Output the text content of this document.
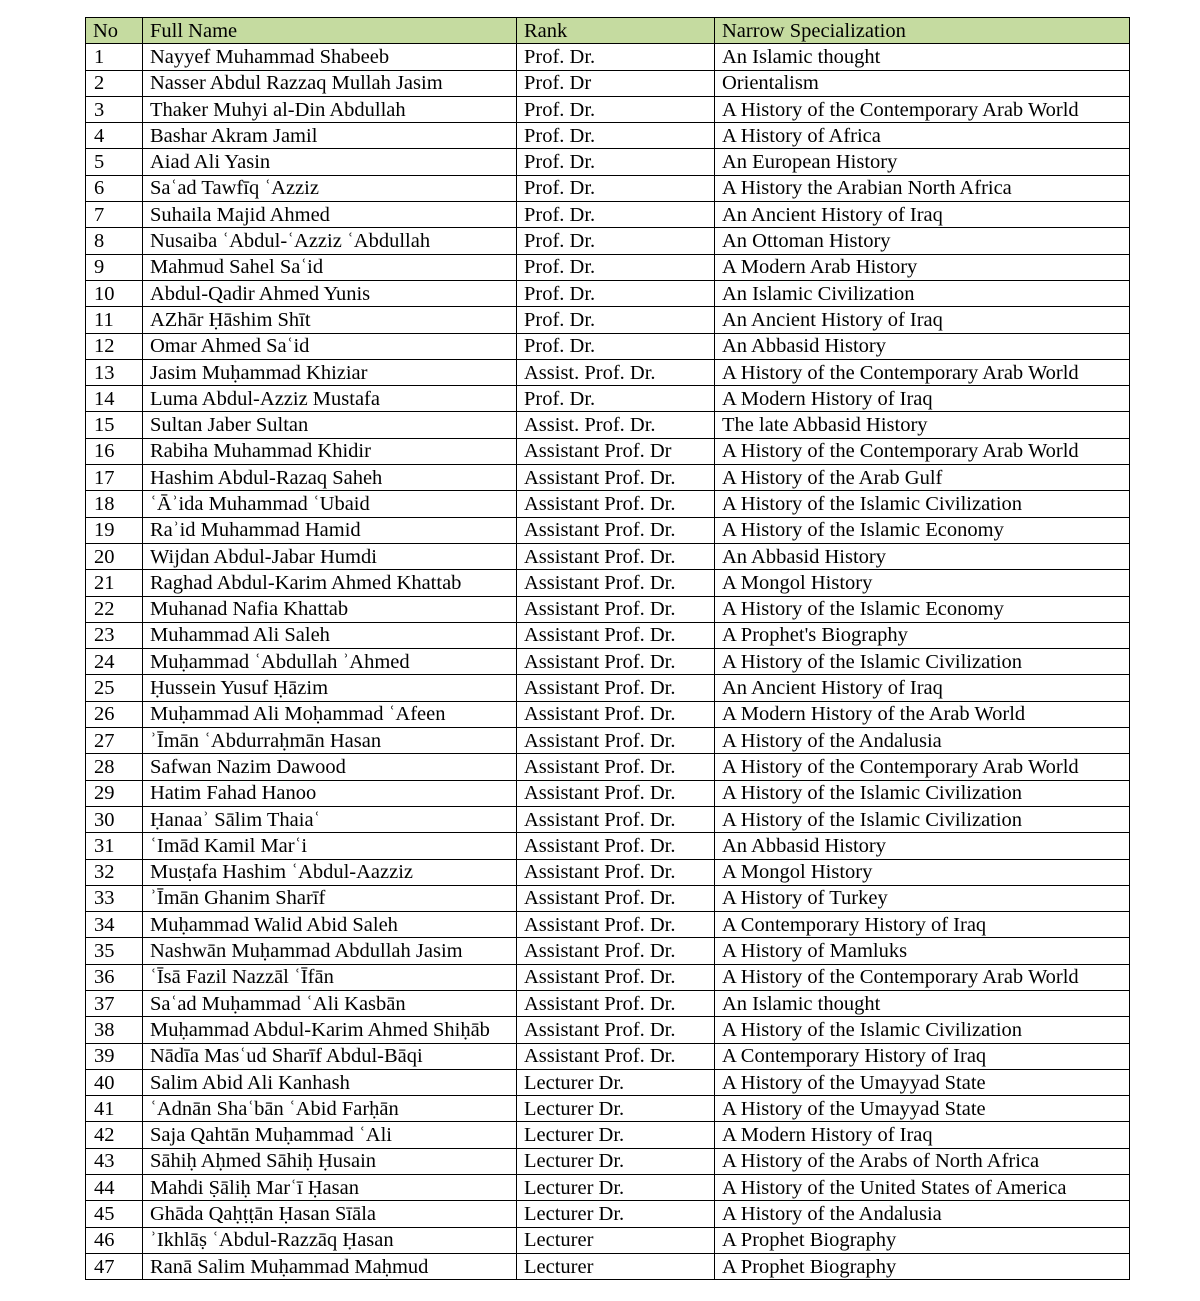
No	Full Name	Rank	Narrow Specialization
1	Nayyef Muhammad Shabeeb	Prof. Dr.	An Islamic thought
2	Nasser Abdul Razzaq Mullah Jasim	Prof. Dr	Orientalism
3	Thaker Muhyi al-Din Abdullah	Prof. Dr.	A History of the Contemporary Arab World
4	Bashar Akram Jamil	Prof. Dr.	A History of Africa
5	Aiad Ali Yasin	Prof. Dr.	An European History
6	Saʿad Tawfīq ʿAzziz	Prof. Dr.	A History the Arabian North Africa
7	Suhaila Majid Ahmed	Prof. Dr.	An Ancient History of Iraq
8	Nusaiba ʿAbdul-ʿAzziz ʿAbdullah	Prof. Dr.	An Ottoman History
9	Mahmud Sahel Saʿid	Prof. Dr.	A Modern Arab History
10	Abdul-Qadir Ahmed Yunis	Prof. Dr.	An Islamic Civilization
11	AZhār Ḥāshim Shīt	Prof. Dr.	An Ancient History of Iraq
12	Omar Ahmed Saʿid	Prof. Dr.	An Abbasid History
13	Jasim Muḥammad Khiziar	Assist. Prof. Dr.	A History of the Contemporary Arab World
14	Luma Abdul-Azziz Mustafa	Prof. Dr.	A Modern History of Iraq
15	Sultan Jaber Sultan	Assist. Prof. Dr.	The late Abbasid History
16	Rabiha Muhammad Khidir	Assistant Prof. Dr	A History of the Contemporary Arab World
17	Hashim Abdul-Razaq Saheh	Assistant Prof. Dr.	A History of the Arab Gulf
18	ʿĀʾida Muhammad ʿUbaid	Assistant Prof. Dr.	A History of the Islamic Civilization
19	Raʾid Muhammad Hamid	Assistant Prof. Dr.	A History of the Islamic Economy
20	Wijdan Abdul-Jabar Humdi	Assistant Prof. Dr.	An Abbasid History
21	Raghad Abdul-Karim Ahmed Khattab	Assistant Prof. Dr.	A Mongol History
22	Muhanad Nafia Khattab	Assistant Prof. Dr.	A History of the Islamic Economy
23	Muhammad Ali Saleh	Assistant Prof. Dr.	A Prophet's Biography
24	Muḥammad ʿAbdullah ʾAhmed	Assistant Prof. Dr.	A History of the Islamic Civilization
25	Ḥussein Yusuf Ḥāzim	Assistant Prof. Dr.	An Ancient History of Iraq
26	Muḥammad Ali Moḥammad ʿAfeen	Assistant Prof. Dr.	A Modern History of the Arab World
27	ʾĪmān ʿAbdurraḥmān Hasan	Assistant Prof. Dr.	A History of the Andalusia
28	Safwan Nazim Dawood	Assistant Prof. Dr.	A History of the Contemporary Arab World
29	Hatim Fahad Hanoo	Assistant Prof. Dr.	A History of the Islamic Civilization
30	Ḥanaaʾ Sālim Thaiaʿ	Assistant Prof. Dr.	A History of the Islamic Civilization
31	ʿImād Kamil Marʿi	Assistant Prof. Dr.	An Abbasid History
32	Musṭafa Hashim ʿAbdul-Aazziz	Assistant Prof. Dr.	A Mongol History
33	ʾĪmān Ghanim Sharīf	Assistant Prof. Dr.	A History of Turkey
34	Muḥammad Walid Abid Saleh	Assistant Prof. Dr.	A Contemporary History of Iraq
35	Nashwān Muḥammad Abdullah Jasim	Assistant Prof. Dr.	A History of Mamluks
36	ʿĪsā Fazil Nazzāl ʿĪfān	Assistant Prof. Dr.	A History of the Contemporary Arab World
37	Saʿad Muḥammad ʿAli Kasbān	Assistant Prof. Dr.	An Islamic thought
38	Muḥammad Abdul-Karim Ahmed Shiḥāb	Assistant Prof. Dr.	A History of the Islamic Civilization
39	Nādīa Masʿud Sharīf Abdul-Bāqi	Assistant Prof. Dr.	A Contemporary History of Iraq
40	Salim Abid Ali Kanhash	Lecturer Dr.	A History of the Umayyad State
41	ʿAdnān Shaʿbān ʿAbid Farḥān	Lecturer Dr.	A History of the Umayyad State
42	Saja Qahtān Muḥammad ʿAli	Lecturer Dr.	A Modern History of Iraq
43	Sāhiḥ Aḥmed Sāhiḥ Ḥusain	Lecturer Dr.	A History of the Arabs of North Africa
44	Mahdi Ṣāliḥ Marʿī Ḥasan	Lecturer Dr.	A History of the United States of America
45	Ghāda Qaḥṭṭān Ḥasan Sīāla	Lecturer Dr.	A History of the Andalusia
46	ʾIkhlāṣ ʿAbdul-Razzāq Ḥasan	Lecturer	A Prophet Biography
47	Ranā Salim Muḥammad Maḥmud	Lecturer	A Prophet Biography
